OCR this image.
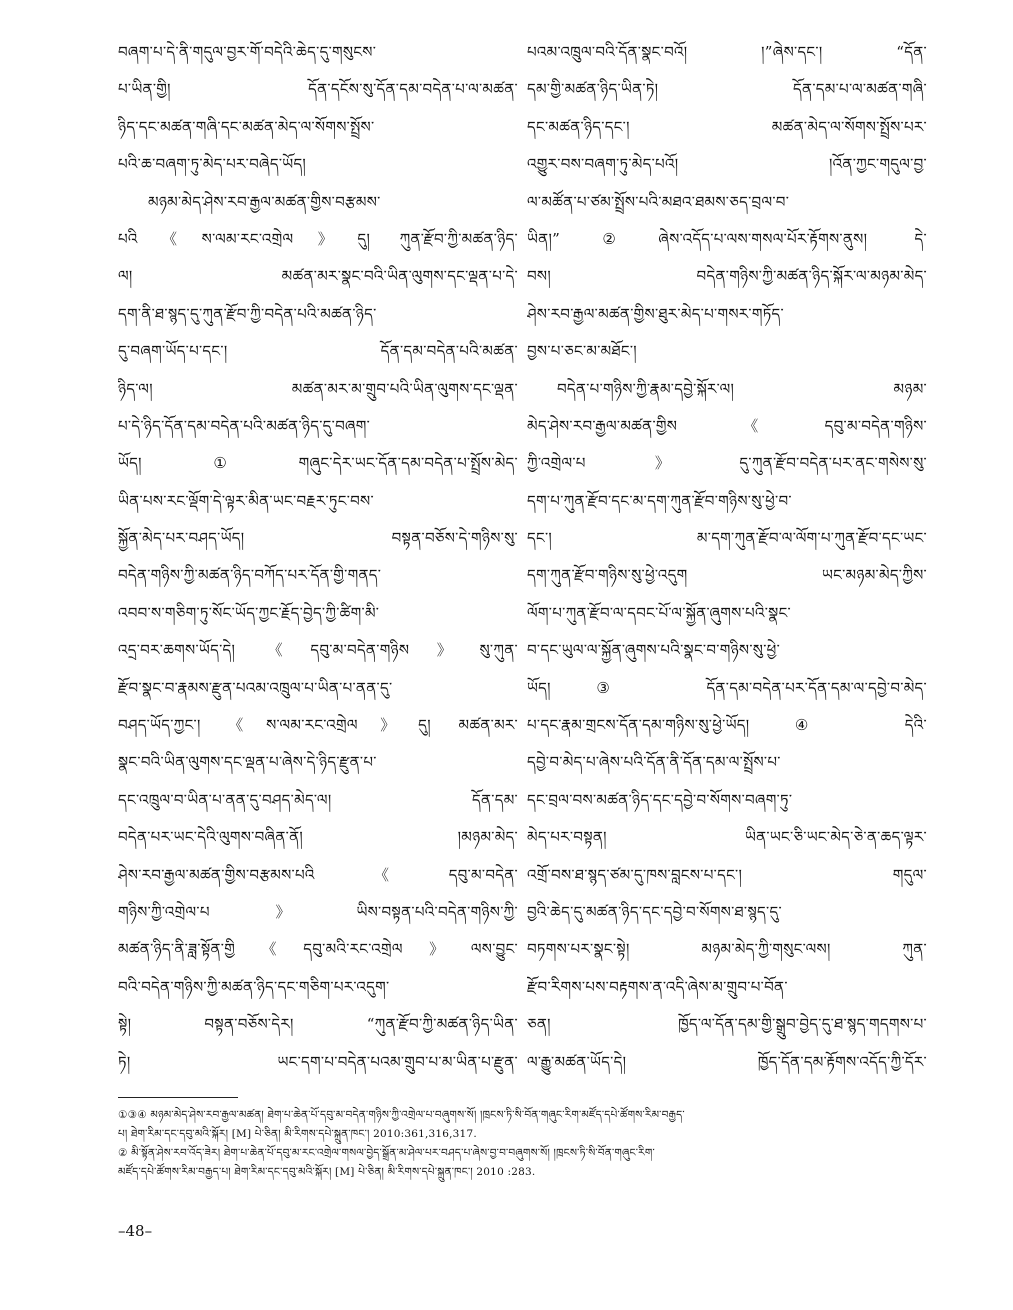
བཞག་པ་དེ་ནི་གདུལ་བྱར་གོ་བདེའི་ཆེད་དུ་གསུངས་
པ་ཡིན་གྱི། དོན་དངོས་སུ་དོན་དམ་བདེན་པ་ལ་མཚན་
ཉིད་དང་མཚན་གཞི་དང་མཚན་མེད་ལ་སོགས་སྤྲོས་
པའི་ཆ་བཞག་ཏུ་མེད་པར་བཞེད་ཡོད།
མཉམ་མེད་ཤེས་རབ་རྒྱལ་མཚན་གྱིས་བརྩམས་
པའི《ས་ལམ་རང་འགྲེལ》དུ། ཀུན་རྫོབ་ཀྱི་མཚན་ཉིད་
ལ། མཚན་མར་སྣང་བའི་ཡིན་ལུགས་དང་ལྡན་པ་དེ་
དག་ནི་ཐ་སྙད་དུ་ཀུན་རྫོབ་ཀྱི་བདེན་པའི་མཚན་ཉིད་
དུ་བཞག་ཡོད་པ་དང་། དོན་དམ་བདེན་པའི་མཚན་
ཉིད་ལ། མཚན་མར་མ་གྲུབ་པའི་ཡིན་ལུགས་དང་ལྡན་
པ་དེ་ཉིད་དོན་དམ་བདེན་པའི་མཚན་ཉིད་དུ་བཞག་
ཡོད།①གཞུང་དེར་ཡང་དོན་དམ་བདེན་པ་སྤྲོས་མེད་
ཡིན་པས་རང་ལྡོག་དེ་ལྟར་མིན་ཡང་བརྗར་ཏུང་བས་
སྐྱོན་མེད་པར་བཤད་ཡོད། བསྟན་བཅོས་དེ་གཉིས་སུ་
བདེན་གཉིས་ཀྱི་མཚན་ཉིད་བཀོད་པར་དོན་གྱི་གནད་
འབབ་ས་གཅིག་ཏུ་སོང་ཡོད་ཀྱང་རྗོད་བྱེད་ཀྱི་ཚིག་མི་
འདྲ་བར་ཆགས་ཡོད་དེ། 《དབུ་མ་བདེན་གཉིས》སུ་ཀུན་
རྫོབ་སྣང་བ་རྣམས་རྫུན་པའམ་འཁྲུལ་པ་ཡིན་པ་ནན་དུ་
བཤད་ཡོད་ཀྱང་། 《ས་ལམ་རང་འགྲེལ》དུ། མཚན་མར་
སྣང་བའི་ཡིན་ལུགས་དང་ལྡན་པ་ཞེས་དེ་ཉིད་རྫུན་པ་
དང་འཁྲུལ་བ་ཡིན་པ་ནན་དུ་བཤད་མེད་ལ། དོན་དམ་
བདེན་པར་ཡང་དེའི་ལུགས་བཞིན་ནོ། །མཉམ་མེད་
ཤེས་རབ་རྒྱལ་མཚན་གྱིས་བརྩམས་པའི《དབུ་མ་བདེན་
གཉིས་ཀྱི་འགྲེལ་པ》ཡིས་བསྟན་པའི་བདེན་གཉིས་ཀྱི་
མཚན་ཉིད་ནི་ཟླ་སྟོན་གྱི《དབུ་མའི་རང་འགྲེལ》ལས་བྱུང་
བའི་བདེན་གཉིས་ཀྱི་མཚན་ཉིད་དང་གཅིག་པར་འདུག་
སྟེ། བསྟན་བཅོས་དེར། “ཀུན་རྫོབ་ཀྱི་མཚན་ཉིད་ཡིན་
ཏེ། ཡང་དག་པ་བདེན་པའམ་གྲུབ་པ་མ་ཡིན་པ་རྫུན་
པའམ་འཁྲུལ་བའི་དོན་སྣང་བའོ། །”ཞེས་དང་། “དོན་
དམ་གྱི་མཚན་ཉིད་ཡིན་ཏེ། དོན་དམ་པ་ལ་མཚན་གཞི་
དང་མཚན་ཉིད་དང་། མཚན་མེད་ལ་སོགས་སྤྲོས་པར་
འགྱུར་བས་བཞག་ཏུ་མེད་པའོ། །འོན་ཀྱང་གདུལ་བྱ་
ལ་མཚོན་པ་ཙམ་སྤྲོས་པའི་མཐའ་ཐམས་ཅད་བྲལ་བ་
ཡིན།”②ཞེས་འདོད་པ་ལས་གསལ་པོར་རྟོགས་ནུས། དེ་
བས། བདེན་གཉིས་ཀྱི་མཚན་ཉིད་སྐོར་ལ་མཉམ་མེད་
ཤེས་རབ་རྒྱལ་མཚན་གྱིས་ཐུར་མེད་པ་གསར་གཏོད་
བྱས་པ་ཅང་མ་མཐོང་།
བདེན་པ་གཉིས་ཀྱི་རྣམ་དབྱེ་སྐོར་ལ། མཉམ་
མེད་ཤེས་རབ་རྒྱལ་མཚན་གྱིས《དབུ་མ་བདེན་གཉིས་
ཀྱི་འགྲེལ་པ》དུ་ཀུན་རྫོབ་བདེན་པར་ནང་གསེས་སུ་
དག་པ་ཀུན་རྫོབ་དང་མ་དག་ཀུན་རྫོབ་གཉིས་སུ་ཕྱེ་བ་
དང་། མ་དག་ཀུན་རྫོབ་ལ་ལོག་པ་ཀུན་རྫོབ་དང་ཡང་
དག་ཀུན་རྫོབ་གཉིས་སུ་ཕྱེ་འདུག ཡང་མཉམ་མེད་ཀྱིས་
ལོག་པ་ཀུན་རྫོབ་ལ་དབང་པོ་ལ་སྐྱོན་ཞུགས་པའི་སྣང་
བ་དང་ཡུལ་ལ་སྐྱོན་ཞུགས་པའི་སྣང་བ་གཉིས་སུ་ཕྱེ་
ཡོད།③ དོན་དམ་བདེན་པར་དོན་དམ་ལ་དབྱེ་བ་མེད་
པ་དང་རྣམ་གྲངས་དོན་དམ་གཉིས་སུ་ཕྱེ་ཡོད།④ དེའི་
དབྱེ་བ་མེད་པ་ཞེས་པའི་དོན་ནི་དོན་དམ་ལ་སྤྲོས་པ་
དང་བྲལ་བས་མཚན་ཉིད་དང་དབྱེ་བ་སོགས་བཞག་ཏུ་
མེད་པར་བསྟན། ཡིན་ཡང་ཅི་ཡང་མེད་ཅེ་ན་ཆད་ལྟར་
འགྲོ་བས་ཐ་སྙད་ཙམ་དུ་ཁས་བླངས་པ་དང་། གདུལ་
བྱའི་ཆེད་དུ་མཚན་ཉིད་དང་དབྱེ་བ་སོགས་ཐ་སྙད་དུ་
བཏགས་པར་སྣང་སྟེ། མཉམ་མེད་ཀྱི་གསུང་ལས། ཀུན་
རྫོབ་རིགས་པས་བརྟགས་ན་འདི་ཞེས་མ་གྲུབ་པ་བོན་
ཅན། ཁྱོད་ལ་དོན་དམ་གྱི་སྒྲུབ་བྱེད་དུ་ཐ་སྙད་གདགས་པ་
ལ་རྒྱུ་མཚན་ཡོད་དེ། ཁྱོད་དོན་དམ་རྟོགས་འདོད་ཀྱི་དོར་
①③④ མཉམ་མེད་ཤེས་རབ་རྒྱལ་མཚན། ཐེག་པ་ཆེན་པོ་དབུ་མ་བདེན་གཉིས་ཀྱི་འགྲེལ་པ་བཞུགས་སོ། །ཁྲངས་ཏི་སི་བོན་གཞུང་རིག་མཛོད་དཔེ་ཚོགས་རིམ་བརྒྱད་
པ། ཐེག་རིམ་དང་དབུ་མའི་སྐོར། [M] པེ་ཅིན། མི་རིགས་དཔེ་སྐྲུན་ཁང་། 2010:361,316,317.
② མི་སྟོན་ཤེས་རབ་འོད་ཟེར། ཐེག་པ་ཆེན་པོ་དབུ་མ་རང་འགྲེལ་གསལ་བྱེད་སྒྲོན་མ་ཤེལ་པར་བཤད་པ་ཞེས་བྱ་བ་བཞུགས་སོ། །ཁྲངས་ཏི་སི་བོན་གཞུང་རིག་
མཛོད་དཔེ་ཚོགས་རིམ་བརྒྱད་པ། ཐེག་རིམ་དང་དབུ་མའི་སྐོར། [M] པེ་ཅིན། མི་རིགས་དཔེ་སྐྲུན་ཁང་། 2010 :283.
–48–
